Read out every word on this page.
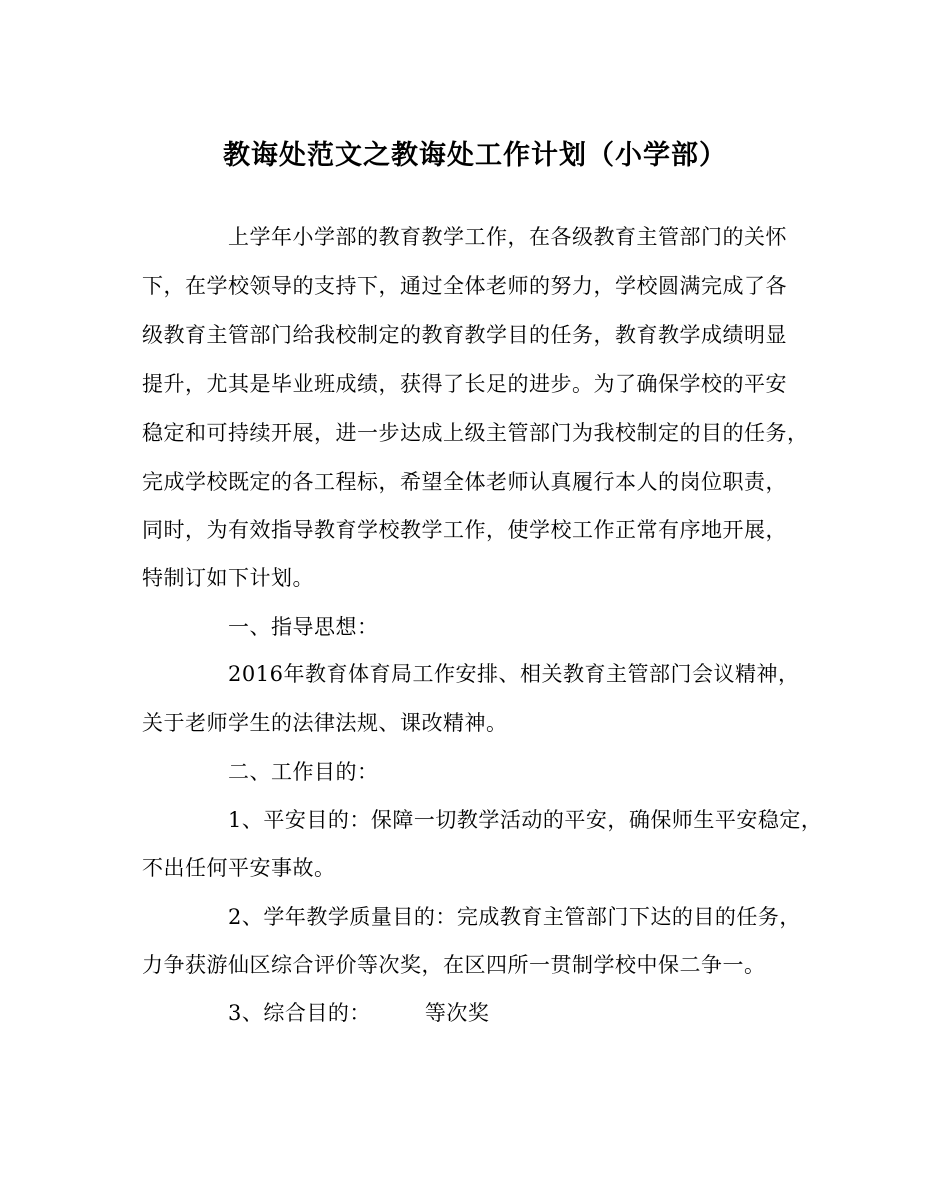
教诲处范文之教诲处工作计划（小学部）
上学年小学部的教育教学工作，在各级教育主管部门的关怀
下，在学校领导的支持下，通过全体老师的努力，学校圆满完成了各
级教育主管部门给我校制定的教育教学目的任务，教育教学成绩明显
提升，尤其是毕业班成绩，获得了长足的进步。为了确保学校的平安
稳定和可持续开展，进一步达成上级主管部门为我校制定的目的任务，
完成学校既定的各工程标，希望全体老师认真履行本人的岗位职责，
同时，为有效指导教育学校教学工作，使学校工作正常有序地开展，
特制订如下计划。
一、指导思想：
2016年教育体育局工作安排、相关教育主管部门会议精神，
关于老师学生的法律法规、课改精神。
二、工作目的：
1、平安目的：保障一切教学活动的平安，确保师生平安稳定，
不出任何平安事故。
2、学年教学质量目的：完成教育主管部门下达的目的任务，
力争获游仙区综合评价等次奖，在区四所一贯制学校中保二争一。
3、综合目的：　　　等次奖
